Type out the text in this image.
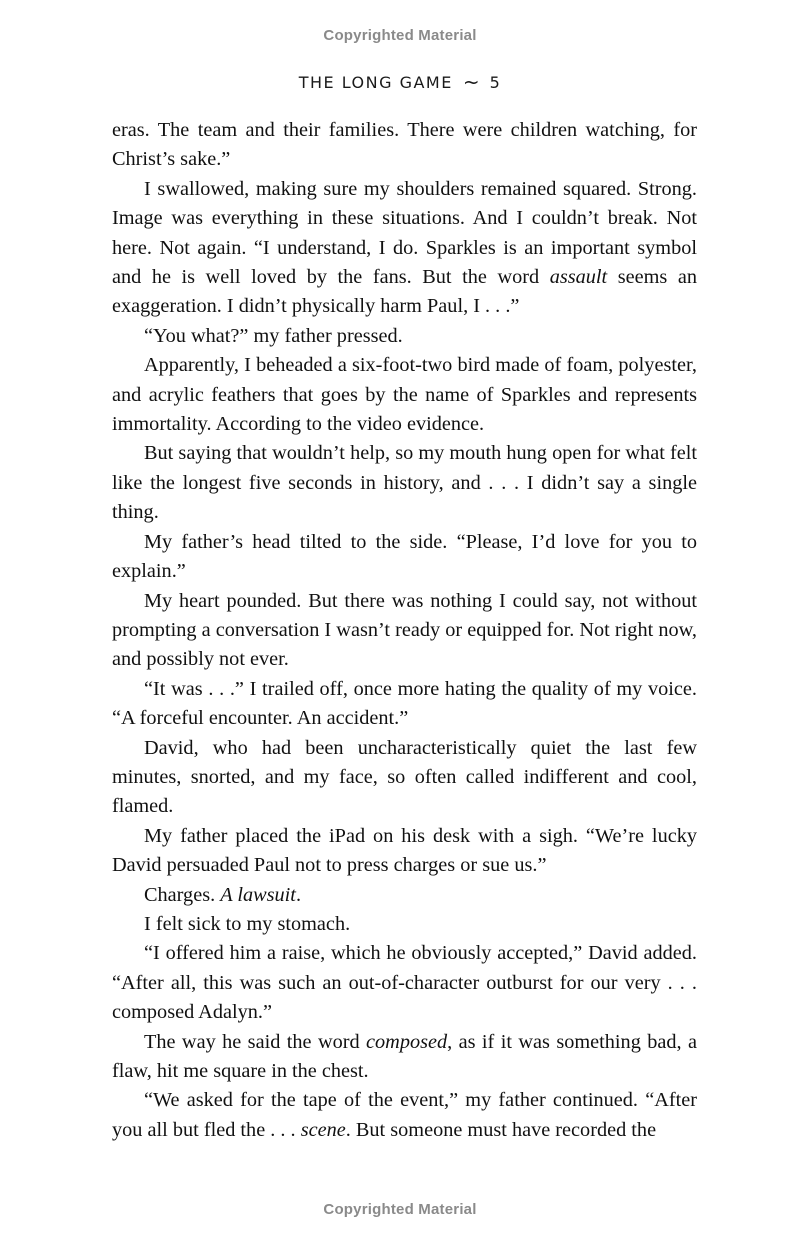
Copyrighted Material
THE LONG GAME ~ 5

eras. The team and their families. There were children watching, for Christ’s sake.”

I swallowed, making sure my shoulders remained squared. Strong. Image was everything in these situations. And I couldn’t break. Not here. Not again. “I understand, I do. Sparkles is an important symbol and he is well loved by the fans. But the word assault seems an exaggeration. I didn’t physically harm Paul, I . . .”

“You what?” my father pressed.

Apparently, I beheaded a six-foot-two bird made of foam, polyester, and acrylic feathers that goes by the name of Sparkles and represents immortality. According to the video evidence.

But saying that wouldn’t help, so my mouth hung open for what felt like the longest five seconds in history, and . . . I didn’t say a single thing.

My father’s head tilted to the side. “Please, I’d love for you to explain.”

My heart pounded. But there was nothing I could say, not without prompting a conversation I wasn’t ready or equipped for. Not right now, and possibly not ever.

“It was . . .” I trailed off, once more hating the quality of my voice. “A forceful encounter. An accident.”

David, who had been uncharacteristically quiet the last few minutes, snorted, and my face, so often called indifferent and cool, flamed.

My father placed the iPad on his desk with a sigh. “We’re lucky David persuaded Paul not to press charges or sue us.”

Charges. A lawsuit.

I felt sick to my stomach.

“I offered him a raise, which he obviously accepted,” David added. “After all, this was such an out-of-character outburst for our very . . . composed Adalyn.”

The way he said the word composed, as if it was something bad, a flaw, hit me square in the chest.

“We asked for the tape of the event,” my father continued. “After you all but fled the . . . scene. But someone must have recorded the

Copyrighted Material
